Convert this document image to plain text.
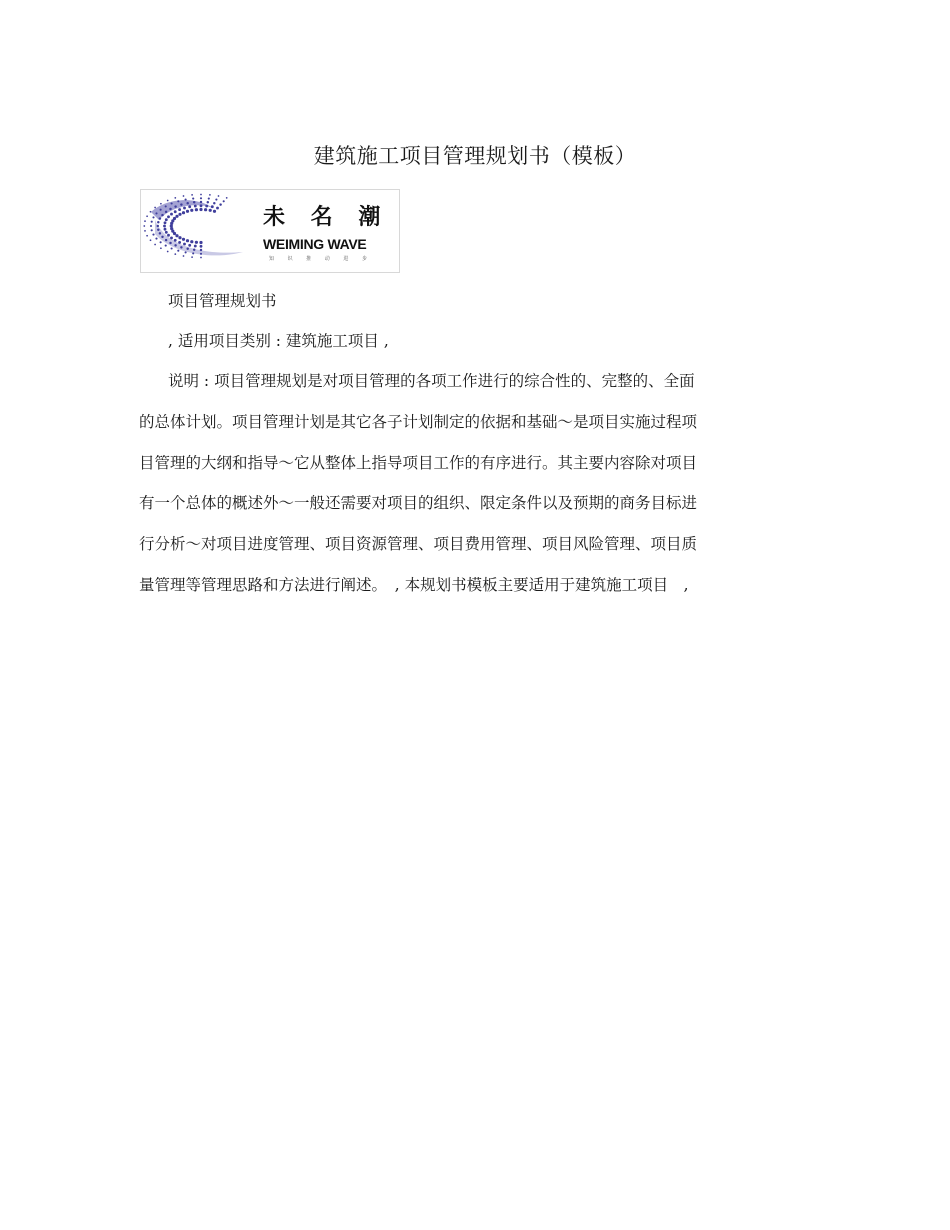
建筑施工项目管理规划书（模板）
未 名 潮
WEIMING WAVE
知 识 推 动 进 步
项目管理规划书
, 适用项目类别 : 建筑施工项目 ,
说明 : 项目管理规划是对项目管理的各项工作进行的综合性的、完整的、全面
的总体计划。项目管理计划是其它各子计划制定的依据和基础～是项目实施过程项
目管理的大纲和指导～它从整体上指导项目工作的有序进行。其主要内容除对项目
有一个总体的概述外～一般还需要对项目的组织、限定条件以及预期的商务目标进
行分析～对项目进度管理、项目资源管理、项目费用管理、项目风险管理、项目质
量管理等管理思路和方法进行阐述。　, 本规划书模板主要适用于建筑施工项目　,
